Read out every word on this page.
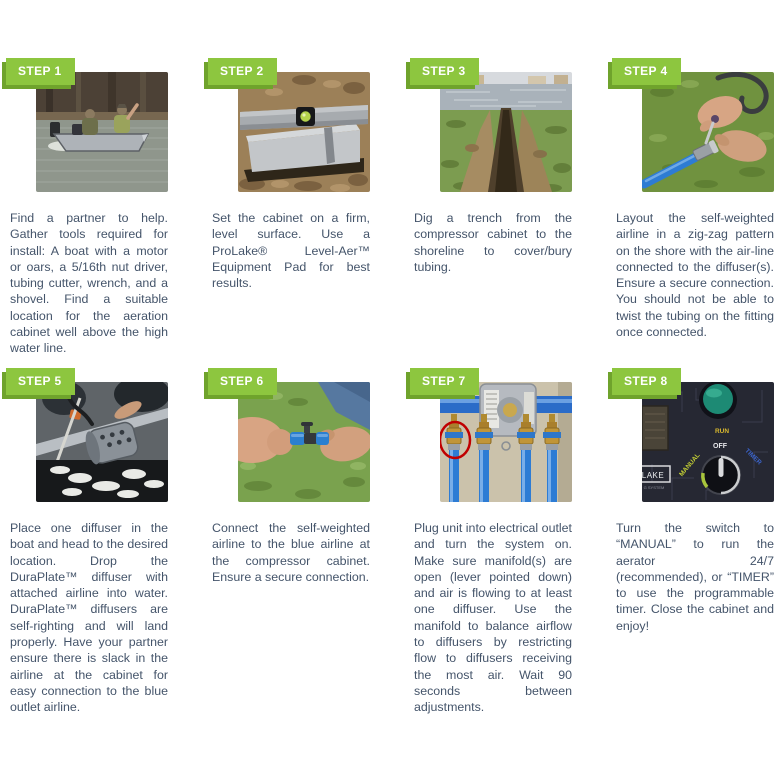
STEP 1

Find a partner to help. Gather tools required for install: A boat with a motor or oars, a 5/16th nut driver, tubing cutter, wrench, and a shovel. Find a suitable location for the aeration cabinet well above the high water line.

STEP 2

Set the cabinet on a firm, level surface. Use a ProLake® Level-Aer™ Equipment Pad for best results.

STEP 3

Dig a trench from the compressor cabinet to the shoreline to cover/bury tubing.

STEP 4

Layout the self-weighted airline in a zig-zag pattern on the shore with the air-line connected to the diffuser(s). Ensure a secure connection. You should not be able to twist the tubing on the fitting once connected.

STEP 5

Place one diffuser in the boat and head to the desired location. Drop the DuraPlate™ diffuser with attached airline into water. DuraPlate™ diffusers are self-righting and will land properly. Have your partner ensure there is slack in the airline at the cabinet for easy connection to the blue outlet airline.

STEP 6

Connect the self-weighted airline to the blue airline at the compressor cabinet. Ensure a secure connection.

STEP 7

Plug unit into electrical outlet and turn the system on. Make sure manifold(s) are open (lever pointed down) and air is flowing to at least one diffuser. Use the manifold to balance airflow to diffusers by restricting flow to diffusers receiving the most air. Wait 90 seconds between adjustments.

STEP 8
RUN
OFF
MANUAL	TIMER
LAKE
G SYSTEM

Turn the switch to “MANUAL” to run the aerator 24/7 (recommended), or “TIMER” to use the programmable timer. Close the cabinet and enjoy!
